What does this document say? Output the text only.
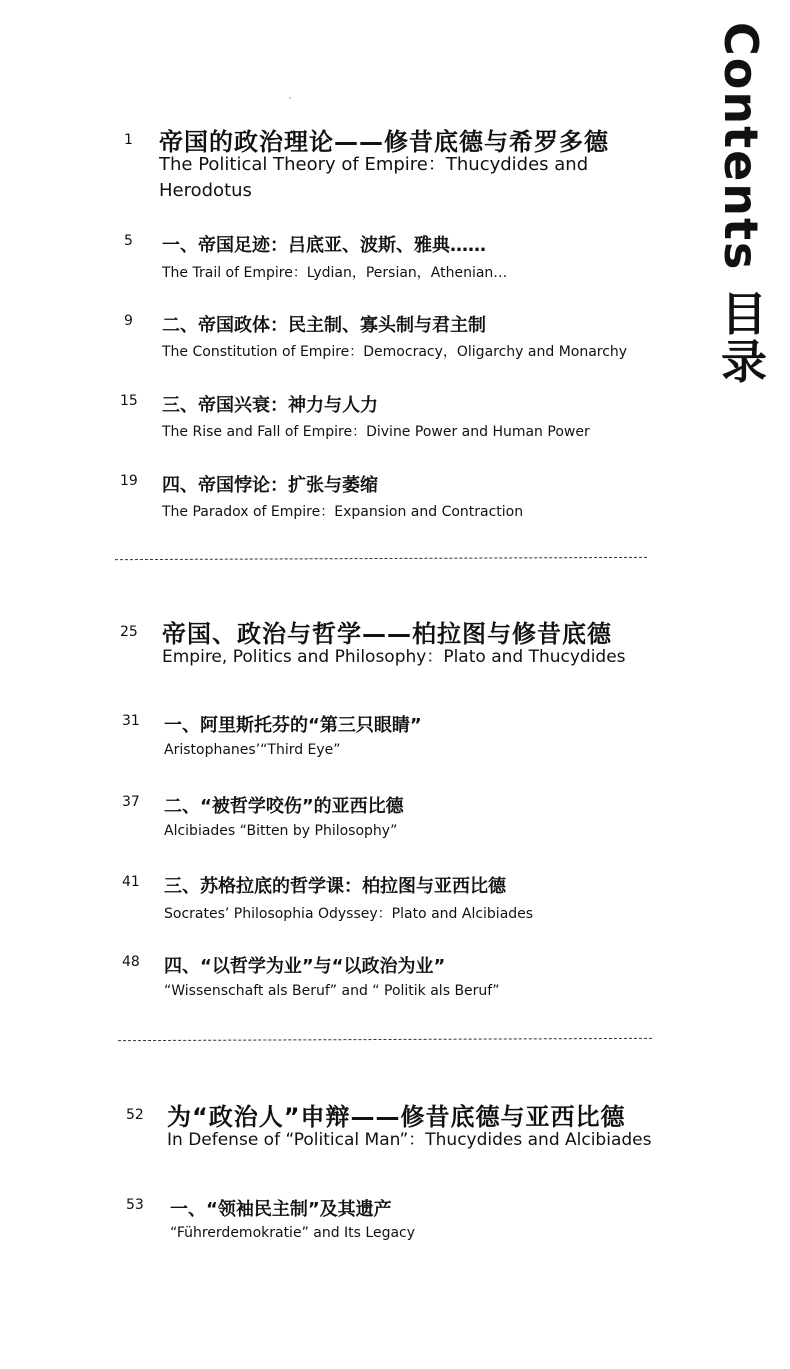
Contents 目录
1 帝国的政治理论——修昔底德与希罗多德
The Political Theory of Empire：Thucydides and Herodotus
5 一、帝国足迹：吕底亚、波斯、雅典……
The Trail of Empire：Lydian，Persian，Athenian…
9 二、帝国政体：民主制、寡头制与君主制
The Constitution of Empire：Democracy，Oligarchy and Monarchy
15 三、帝国兴衰：神力与人力
The Rise and Fall of Empire：Divine Power and Human Power
19 四、帝国悖论：扩张与萎缩
The Paradox of Empire：Expansion and Contraction
25 帝国、政治与哲学——柏拉图与修昔底德
Empire, Politics and Philosophy：Plato and Thucydides
31 一、阿里斯托芬的“第三只眼睛”
Aristophanes’“Third Eye”
37 二、“被哲学咬伤”的亚西比德
Alcibiades “Bitten by Philosophy”
41 三、苏格拉底的哲学课：柏拉图与亚西比德
Socrates’ Philosophia Odyssey：Plato and Alcibiades
48 四、“以哲学为业”与“以政治为业”
“Wissenschaft als Beruf” and “ Politik als Beruf”
52 为“政治人”申辩——修昔底德与亚西比德
In Defense of “Political Man”：Thucydides and Alcibiades
53 一、“领袖民主制”及其遗产
“Führerdemokratie” and Its Legacy
